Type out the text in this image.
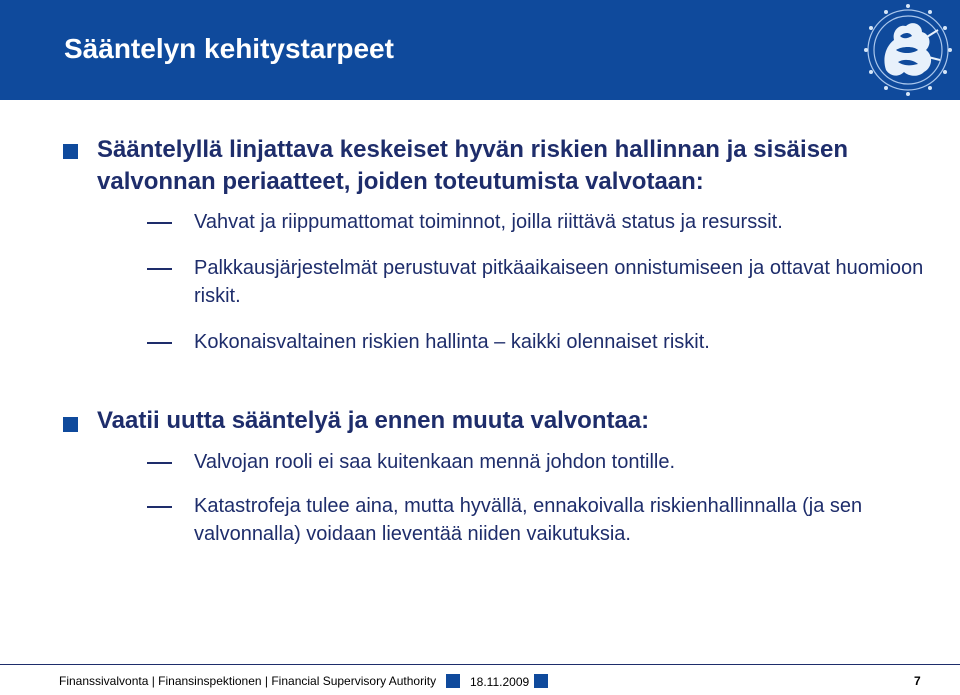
Sääntelyn kehitystarpeet
Sääntelyllä linjattava keskeiset hyvän riskien hallinnan ja sisäisen
valvonnan periaatteet, joiden toteutumista valvotaan:
Vahvat ja riippumattomat toiminnot, joilla riittävä status ja resurssit.
Palkkausjärjestelmät perustuvat pitkäaikaiseen onnistumiseen ja ottavat huomioon riskit.
Kokonaisvaltainen riskien hallinta – kaikki olennaiset riskit.
Vaatii uutta sääntelyä ja ennen muuta valvontaa:
Valvojan rooli ei saa kuitenkaan mennä johdon tontille.
Katastrofeja tulee aina, mutta hyvällä, ennakoivalla riskienhallinnalla (ja sen valvonnalla) voidaan lieventää niiden vaikutuksia.
Finanssivalvonta | Finansinspektionen | Financial Supervisory Authority	18.11.2009	7
